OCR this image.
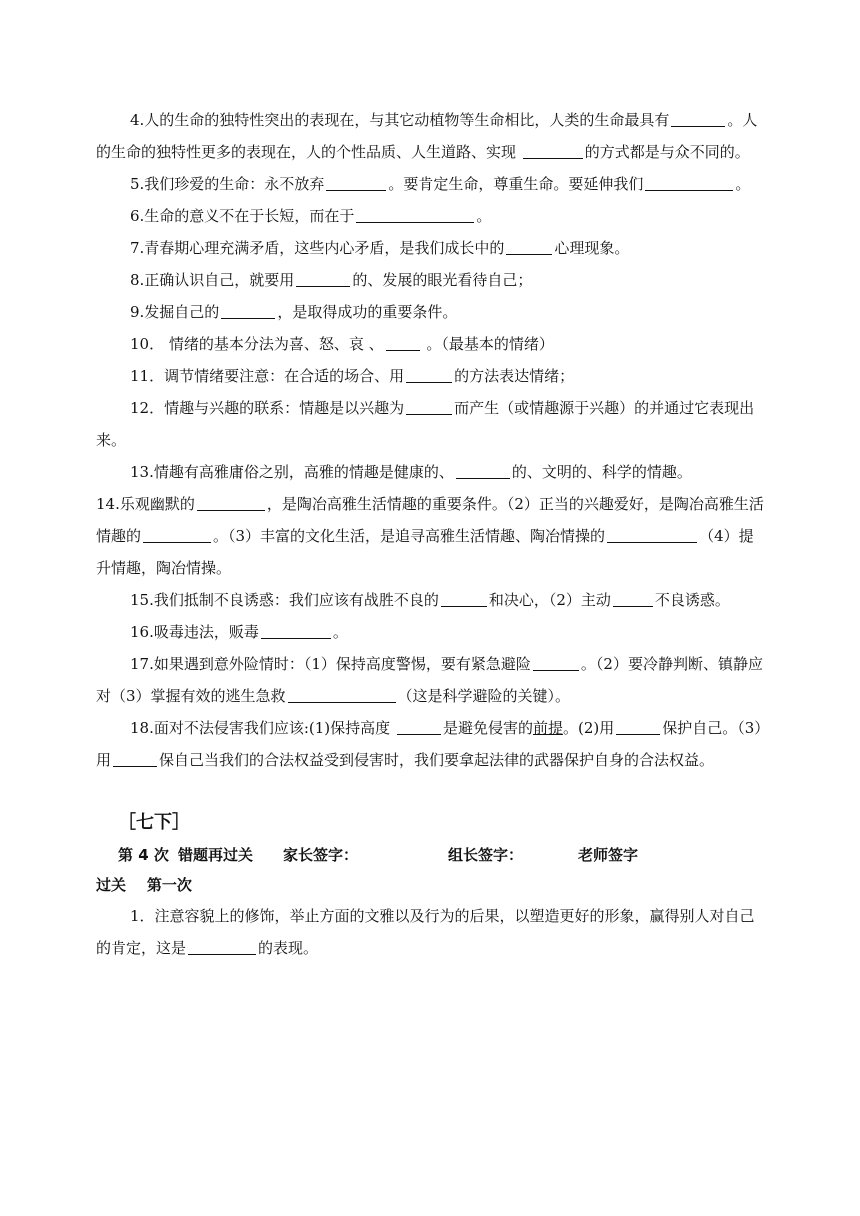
4.人的生命的独特性突出的表现在，与其它动植物等生命相比，人类的生命最具有	。人的生命的独特性更多的表现在，人的个性品质、人生道路、实现	的方式都是与众不同的。

5.我们珍爱的生命：永不放弃	。要肯定生命，尊重生命。要延伸我们	。

6.生命的意义不在于长短，而在于	。

7.青春期心理充满矛盾，这些内心矛盾，是我们成长中的	心理现象。

8.正确认识自己，就要用	的、发展的眼光看待自己；

9.发掘自己的	，是取得成功的重要条件。

10． 情绪的基本分法为喜、怒、哀 、	。（最基本的情绪）

11．调节情绪要注意：在合适的场合、用	的方法表达情绪；

12．情趣与兴趣的联系：情趣是以兴趣为	而产生（或情趣源于兴趣）的并通过它表现出来。

13.情趣有高雅庸俗之别，高雅的情趣是健康的、	的、文明的、科学的情趣。

14.乐观幽默的	，是陶冶高雅生活情趣的重要条件。（2）正当的兴趣爱好，是陶冶高雅生活情趣的	。（3）丰富的文化生活，是追寻高雅生活情趣、陶冶情操的	（4）提升情趣，陶冶情操。

15.我们抵制不良诱惑：我们应该有战胜不良的	和决心，（2）主动	不良诱惑。

16.吸毒违法，贩毒	。

17.如果遇到意外险情时：（1）保持高度警惕，要有紧急避险	。（2）要冷静判断、镇静应对（3）掌握有效的逃生急救	（这是科学避险的关键）。

18.面对不法侵害我们应该:(1)保持高度	是避免侵害的前提。(2)用	保护自己。（3）用	保自己当我们的合法权益受到侵害时，我们要拿起法律的武器保护自身的合法权益。

［七下］
第 4 次 错题再过关	家长签字：	组长签字：	老师签字
过关    第一次

1．注意容貌上的修饰，举止方面的文雅以及行为的后果，以塑造更好的形象，赢得别人对自己的肯定，这是	的表现。
